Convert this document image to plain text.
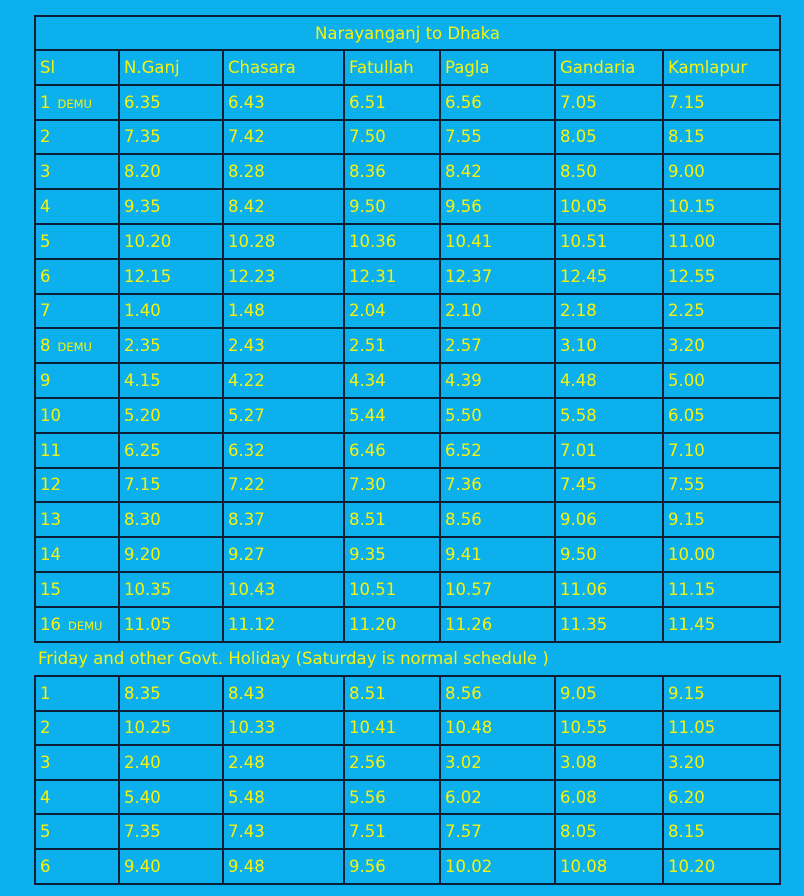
Narayanganj to Dhaka						
Sl	N.Ganj	Chasara	Fatullah	Pagla	Gandaria	Kamlapur
1 DEMU	6.35	6.43	6.51	6.56	7.05	7.15
2	7.35	7.42	7.50	7.55	8.05	8.15
3	8.20	8.28	8.36	8.42	8.50	9.00
4	9.35	8.42	9.50	9.56	10.05	10.15
5	10.20	10.28	10.36	10.41	10.51	11.00
6	12.15	12.23	12.31	12.37	12.45	12.55
7	1.40	1.48	2.04	2.10	2.18	2.25
8 DEMU	2.35	2.43	2.51	2.57	3.10	3.20
9	4.15	4.22	4.34	4.39	4.48	5.00
10	5.20	5.27	5.44	5.50	5.58	6.05
11	6.25	6.32	6.46	6.52	7.01	7.10
12	7.15	7.22	7.30	7.36	7.45	7.55
13	8.30	8.37	8.51	8.56	9.06	9.15
14	9.20	9.27	9.35	9.41	9.50	10.00
15	10.35	10.43	10.51	10.57	11.06	11.15
16 DEMU	11.05	11.12	11.20	11.26	11.35	11.45
Friday and other Govt. Holiday (Saturday is normal schedule )
1	8.35	8.43	8.51	8.56	9.05	9.15
2	10.25	10.33	10.41	10.48	10.55	11.05
3	2.40	2.48	2.56	3.02	3.08	3.20
4	5.40	5.48	5.56	6.02	6.08	6.20
5	7.35	7.43	7.51	7.57	8.05	8.15
6	9.40	9.48	9.56	10.02	10.08	10.20
